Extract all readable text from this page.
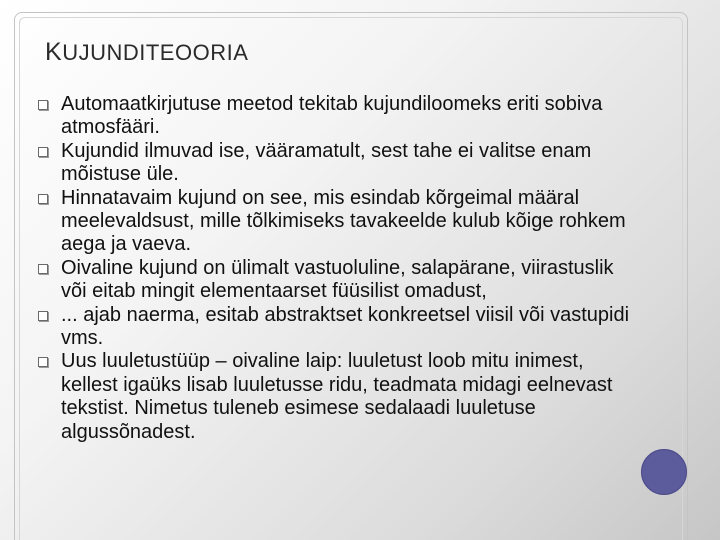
KUJUNDITEOORIA
Automaatkirjutuse meetod tekitab kujundiloomeks eriti sobiva atmosfääri.
Kujundid ilmuvad ise, vääramatult, sest tahe ei valitse enam mõistuse üle.
Hinnatavaim kujund on see, mis esindab kõrgeimal määral meelevaldsust, mille tõlkimiseks tavakeelde kulub kõige rohkem aega ja vaeva.
Oivaline kujund on ülimalt vastuoluline, salapärane, viirastuslik või eitab mingit elementaarset füüsilist omadust,
... ajab naerma, esitab abstraktset konkreetsel viisil või vastupidi vms.
Uus luuletustüüp – oivaline laip: luuletust loob mitu inimest, kellest igaüks lisab luuletusse ridu, teadmata midagi eelnevast tekstist. Nimetus tuleneb esimese sedalaadi luuletuse algussõnadest.
